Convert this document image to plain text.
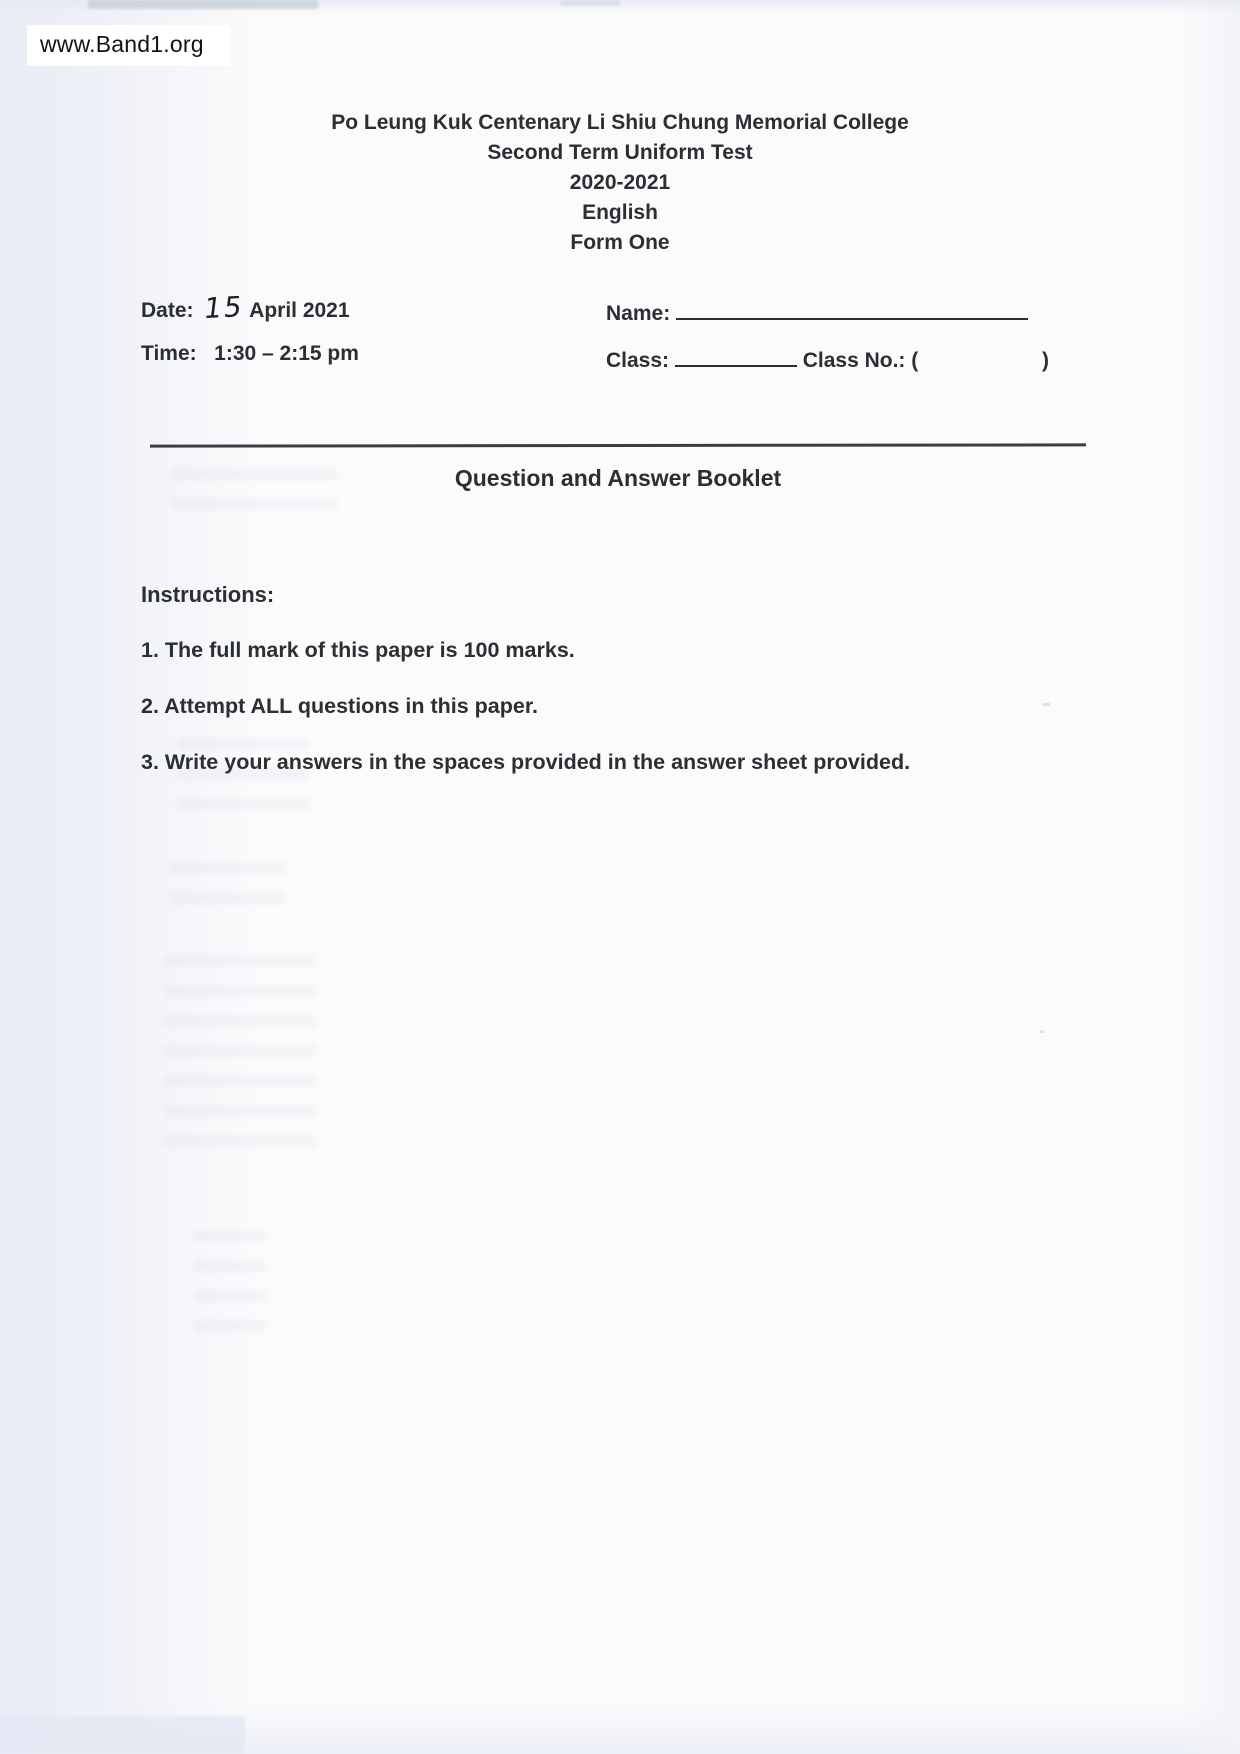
www.Band1.org
Po Leung Kuk Centenary Li Shiu Chung Memorial College
Second Term Uniform Test
2020-2021
English
Form One
Date: 15 April 2021
Time: 1:30 – 2:15 pm
Name:
Class:	Class No.: (	)
Question and Answer Booklet
Instructions:
1. The full mark of this paper is 100 marks.
2. Attempt ALL questions in this paper.
3. Write your answers in the spaces provided in the answer sheet provided.
